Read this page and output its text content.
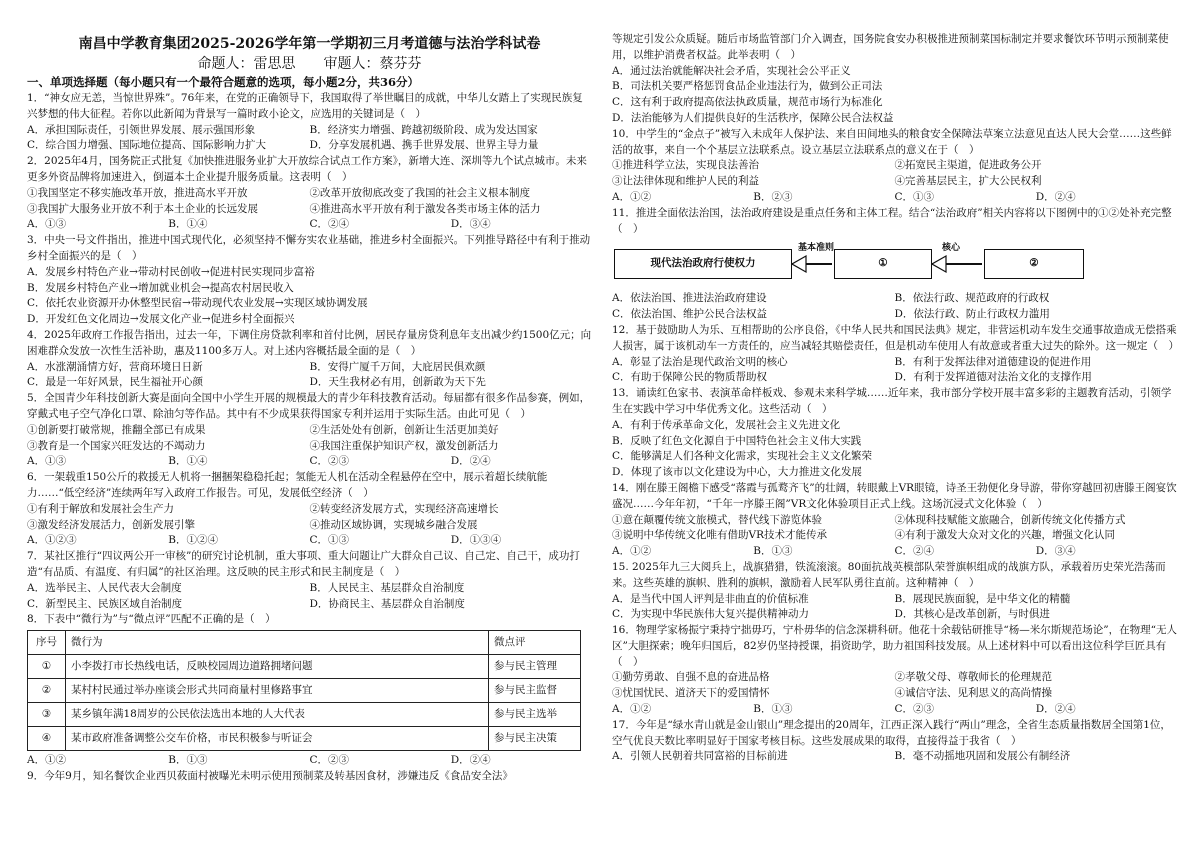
南昌中学教育集团2025-2026学年第一学期初三月考道德与法治学科试卷
命题人：雷思思　　审题人：蔡芬芬
一、单项选择题（每小题只有一个最符合题意的选项，每小题2分，共36分）
1．“神女应无恙，当惊世界殊”。76年来，在党的正确领导下，我国取得了举世瞩目的成就，中华儿女踏上了实现民族复兴梦想的伟大征程。若你以此新闻为背景写一篇时政小论文，应选用的关键词是（　）
A．承担国际责任，引领世界发展、展示强国形象	B．经济实力增强、跨越初级阶段、成为发达国家
C．综合国力增强、国际地位提高、国际影响力扩大	D．分享发展机遇、携手世界发展、世界主导力量
2．2025年4月，国务院正式批复《加快推进服务业扩大开放综合试点工作方案》，新增大连、深圳等九个试点城市。未来更多外资品牌将加速进入，倒逼本土企业提升服务质量。这表明（　）
①我国坚定不移实施改革开放，推进高水平开放	②改革开放彻底改变了我国的社会主义根本制度
③我国扩大服务业开放不利于本土企业的长远发展	④推进高水平开放有利于激发各类市场主体的活力
A．①③	B．①④	C．②④	D．③④
3．中央一号文件指出，推进中国式现代化，必须坚持不懈夯实农业基础，推进乡村全面振兴。下列推导路径中有利于推动乡村全面振兴的是（　）
A．发展乡村特色产业→带动村民创收→促进村民实现同步富裕
B．发展乡村特色产业→增加就业机会→提高农村居民收入
C．依托农业资源开办休整型民宿→带动现代农业发展→实现区域协调发展
D．开发红色文化周边→发展文化产业→促进乡村全面振兴
4．2025年政府工作报告指出，过去一年，下调住房贷款利率和首付比例，居民存量房贷利息年支出减少约1500亿元；向困难群众发放一次性生活补助，惠及1100多万人。对上述内容概括最全面的是（　）
A．水涨潮涌情方好，营商环境日日新	B．安得广厦千万间，大庇居民俱欢颜
C．最是一年好风景，民生福祉开心颜	D．天生我材必有用，创新敢为天下先
5．全国青少年科技创新大赛是面向全国中小学生开展的规模最大的青少年科技教育活动。每届都有很多作品参赛，例如，穿戴式电子空气净化口罩、除油匀等作品。其中有不少成果获得国家专利并运用于实际生活。由此可见（　）
①创新要打破常规，推翻全部已有成果	②生活处处有创新，创新让生活更加美好
③教育是一个国家兴旺发达的不竭动力	④我国注重保护知识产权，激发创新活力
A．①③	B．①④	C．②③	D．②④
6．一架载重150公斤的救援无人机将一捆捆架稳稳托起；氢能无人机在活动全程悬停在空中，展示着超长续航能力……“低空经济”连续两年写入政府工作报告。可见，发展低空经济（　）
①有利于解放和发展社会生产力	②转变经济发展方式，实现经济高速增长
③激发经济发展活力，创新发展引擎	④推动区域协调，实现城乡融合发展
A．①②③	B．①②④	C．①③	D．①③④
7．某社区推行“四议两公开一审核”的研究讨论机制，重大事项、重大问题让广大群众自己议、自己定、自己干，成功打造“有品质、有温度、有归属”的社区治理。这反映的民主形式和民主制度是（　）
A．选举民主、人民代表大会制度	B．人民民主、基层群众自治制度
C．新型民主、民族区域自治制度	D．协商民主、基层群众自治制度
8．下表中“微行为”与“微点评”匹配不正确的是（　）
序号	微行为	微点评
①	小李拨打市长热线电话，反映校园周边道路拥堵问题	参与民主管理
②	某村村民通过举办座谈会形式共同商量村里修路事宜	参与民主监督
③	某乡镇年满18周岁的公民依法选出本地的人大代表	参与民主选举
④	某市政府准备调整公交车价格，市民积极参与听证会	参与民主决策
A．①②	B．①③	C．②③	D．②④
9．今年9月，知名餐饮企业西贝莜面村被曝光未明示使用预制菜及转基因食材，涉嫌违反《食品安全法》
等规定引发公众质疑。随后市场监管部门介入调查，国务院食安办积极推进预制菜国标制定并要求餐饮环节明示预制菜使用，以维护消费者权益。此举表明（　）
A．通过法治就能解决社会矛盾，实现社会公平正义
B．司法机关要严格惩罚食品企业违法行为，做到公正司法
C．这有利于政府提高依法执政质量，规范市场行为标准化
D．法治能够为人们提供良好的生活秩序，保障公民合法权益
10．中学生的“金点子”被写入未成年人保护法、来自田间地头的粮食安全保障法草案立法意见直达人民大会堂……这些鲜活的故事，来自一个个基层立法联系点。设立基层立法联系点的意义在于（　）
①推进科学立法，实现良法善治	②拓宽民主渠道，促进政务公开
③让法律体现和维护人民的利益	④完善基层民主，扩大公民权利
A．①②	B．②③	C．①③	D．②④
11．推进全面依法治国，法治政府建设是重点任务和主体工程。结合“法治政府”相关内容将以下图例中的①②处补充完整（　）
现代法治政府行使权力
基本准则
①
核心
②
A．依法治国、推进法治政府建设	B．依法行政、规范政府的行政权
C．依法治国、维护公民合法权益	D．依法行政、防止行政权力滥用
12．基于鼓励助人为乐、互相帮助的公序良俗，《中华人民共和国民法典》规定，非营运机动车发生交通事故造成无偿搭乘人损害，属于该机动车一方责任的，应当减轻其赔偿责任，但是机动车使用人有故意或者重大过失的除外。这一规定（　）
A．彰显了法治是现代政治文明的核心	B．有利于发挥法律对道德建设的促进作用
C．有助于保障公民的物质帮助权	D．有利于发挥道德对法治文化的支撑作用
13．诵读红色家书、表演革命样板戏、参观未来科学城……近年来，我市部分学校开展丰富多彩的主题教育活动，引领学生在实践中学习中华优秀文化。这些活动（　）
A．有利于传承革命文化，发展社会主义先进文化
B．反映了红色文化源自于中国特色社会主义伟大实践
C．能够满足人们各种文化需求，实现社会主义文化繁荣
D．体现了该市以文化建设为中心，大力推进文化发展
14．刚在滕王阁檐下感受“落霞与孤鹜齐飞”的壮阔，转眼戴上VR眼镜，诗圣王勃便化身导游，带你穿越回初唐滕王阁宴饮盛况……今年年初，“千年一序滕王阁”VR文化体验项目正式上线。这场沉浸式文化体验（　）
①意在颠覆传统文旅模式，替代线下游览体验	②体现科技赋能文旅融合，创新传统文化传播方式
③说明中华传统文化唯有借助VR技术才能传承	④有利于激发大众对文化的兴趣，增强文化认同
A．①②	B．①③	C．②④	D．③④
15. 2025年九三大阅兵上，战旗猎猎，铁流滚滚。80面抗战英模部队荣誉旗帜组成的战旗方队，承载着历史荣光浩荡而来。这些英雄的旗帜、胜利的旗帜，激励着人民军队勇往直前。这种精神（　）
A．是当代中国人评判是非曲直的价值标准	B．展现民族面貌，是中华文化的精髓
C．为实现中华民族伟大复兴提供精神动力	D．其核心是改革创新，与时俱进
16．物理学家杨振宁秉持宁拙毋巧，宁朴毋华的信念深耕科研。他花十余载钻研推导“杨—米尔斯规范场论”，在物理“无人区”大胆探索；晚年归国后，82岁仍坚持授课，捐资助学，助力祖国科技发展。从上述材料中可以看出这位科学巨匠具有（　）
①勤劳勇敢、自强不息的奋进品格	②孝敬父母、尊敬师长的伦理规范
③忧国忧民、道济天下的爱国情怀	④诚信守法、见利思义的高尚情操
A．①②	B．①③	C．②③	D．②④
17．今年是“绿水青山就是金山银山”理念提出的20周年，江西正深入践行“两山”理念，全省生态质量指数居全国第1位，空气优良天数比率明显好于国家考核目标。这些发展成果的取得，直接得益于我省（　）
A．引领人民朝着共同富裕的目标前进	B．毫不动摇地巩固和发展公有制经济
